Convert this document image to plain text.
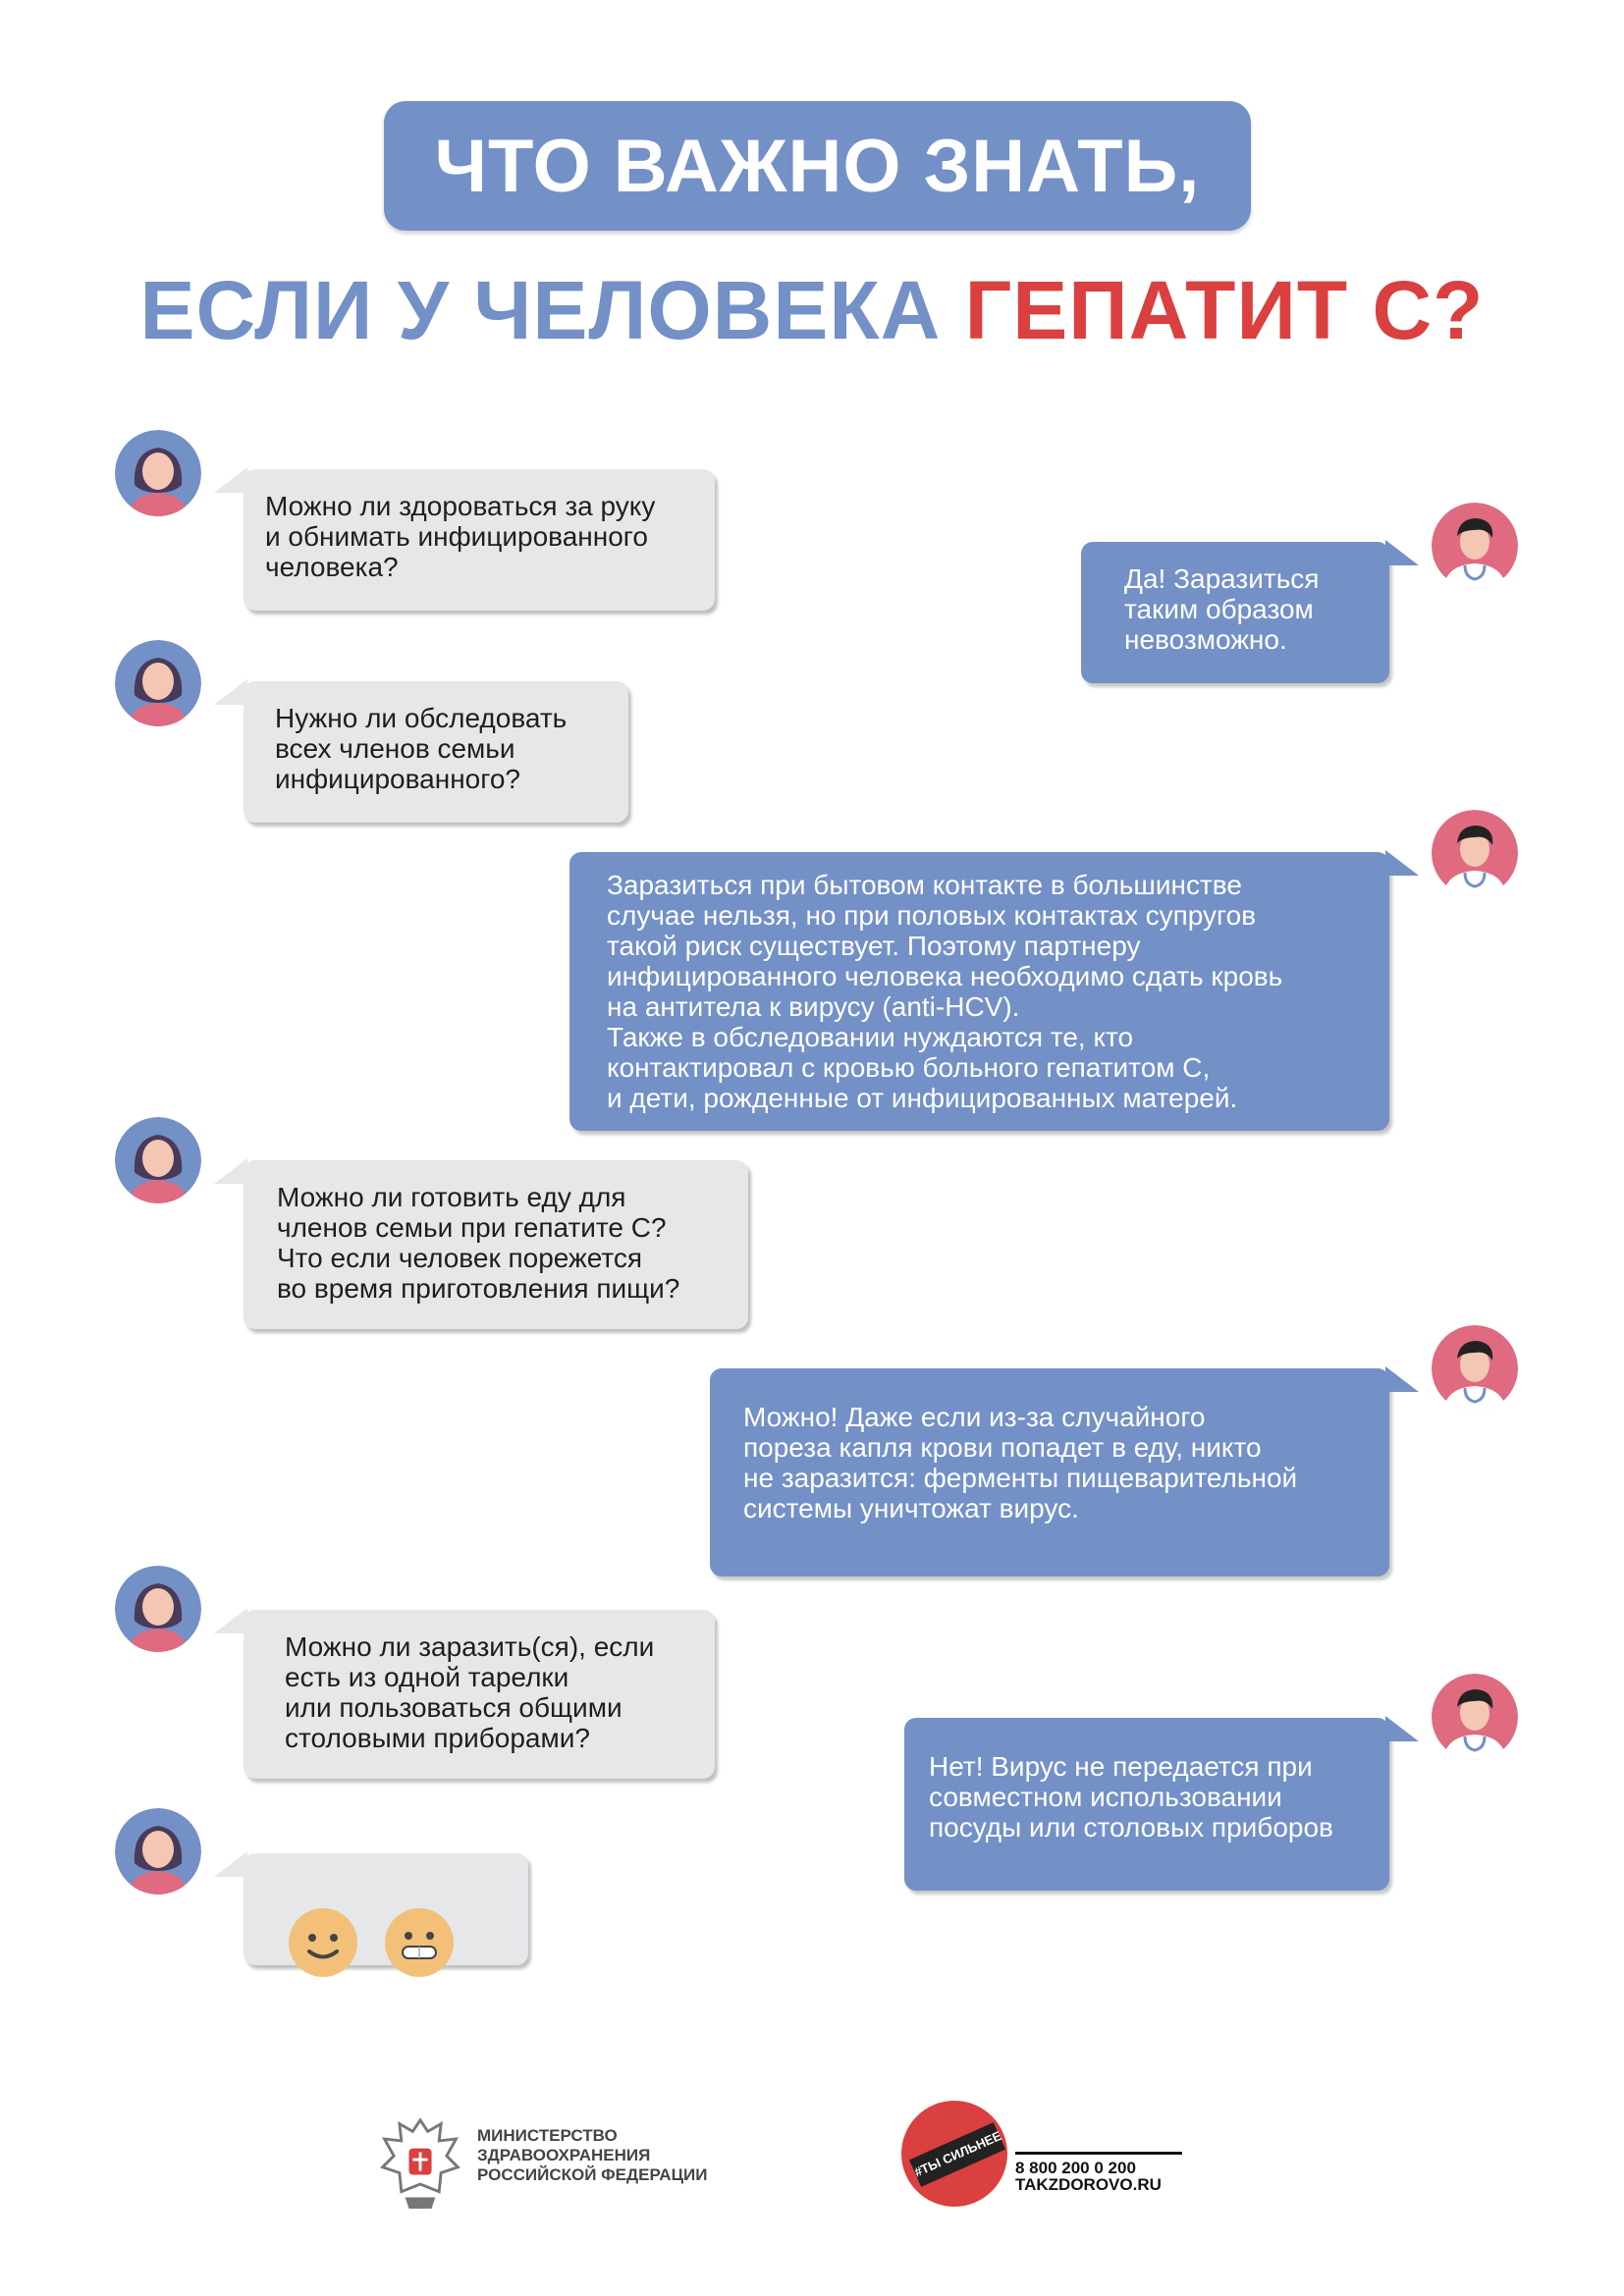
ЧТО ВАЖНО ЗНАТЬ,
ЕСЛИ У ЧЕЛОВЕКА ГЕПАТИТ С?
Можно ли здороваться за руку
и обнимать инфицированного
человека?	Да! Заразиться
таким образом
невозможно.
Нужно ли обследовать
всех членов семьи
инфицированного?
Заразиться при бытовом контакте в большинстве
случае нельзя, но при половых контактах супругов
такой риск существует. Поэтому партнеру
инфицированного человека необходимо сдать кровь
на антитела к вирусу (anti-HCV).
Также в обследовании нуждаются те, кто
контактировал с кровью больного гепатитом С,
и дети, рожденные от инфицированных матерей.
Можно ли готовить еду для
членов семьи при гепатите С?
Что если человек порежется
во время приготовления пищи?
Можно! Даже если из-за случайного
пореза капля крови попадет в еду, никто
не заразится: ферменты пищеварительной
системы уничтожат вирус.
Можно ли заразить(ся), если
есть из одной тарелки
или пользоваться общими
столовыми приборами?
Нет! Вирус не передается при
совместном использовании
посуды или столовых приборов

МИНИСТЕРСТВО
ЗДРАВООХРАНЕНИЯ
РОССИЙСКОЙ ФЕДЕРАЦИИ	#ТЫ СИЛЬНЕЕ 8 800 200 0 200
TAKZDOROVO.RU
